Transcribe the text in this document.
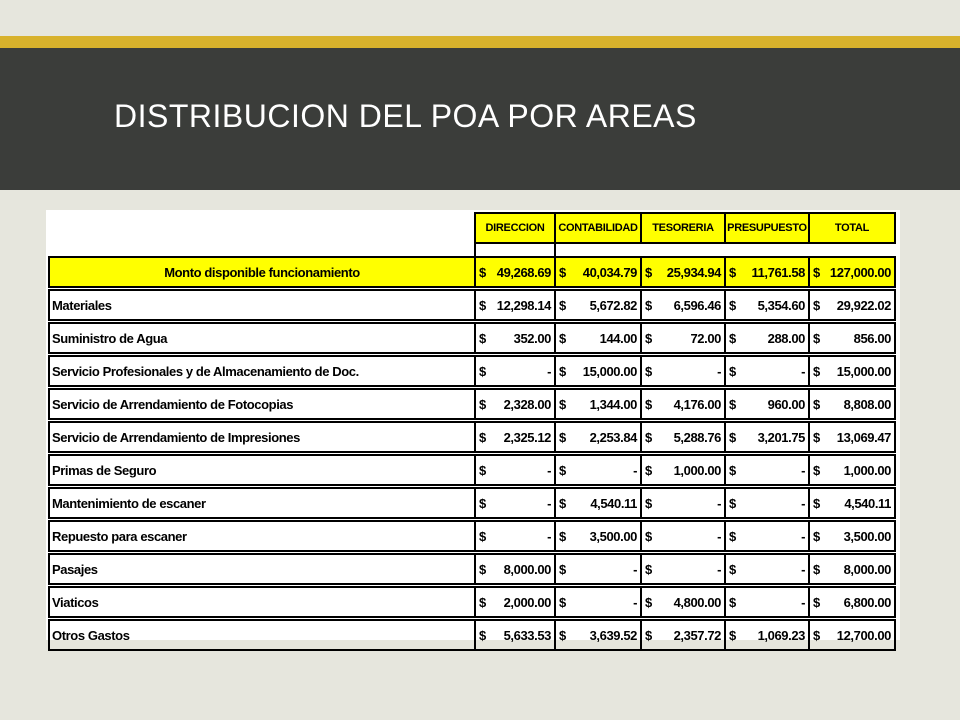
DISTRIBUCION DEL POA POR AREAS
DIRECCION	CONTABILIDAD	TESORERIA	PRESUPUESTO	TOTAL
Monto disponible funcionamiento	$	49,268.69	$	40,034.79	$	25,934.94	$	11,761.58	$	127,000.00

Materiales	$	12,298.14	$	5,672.82	$	6,596.46	$	5,354.60	$	29,922.02

Suministro de Agua	$	352.00	$	144.00	$	72.00	$	288.00	$	856.00

Servicio Profesionales y de Almacenamiento de Doc.	$	-	$	15,000.00	$	-	$	-	$	15,000.00

Servicio de Arrendamiento de Fotocopias	$	2,328.00	$	1,344.00	$	4,176.00	$	960.00	$	8,808.00

Servicio de Arrendamiento de Impresiones	$	2,325.12	$	2,253.84	$	5,288.76	$	3,201.75	$	13,069.47

Primas de Seguro	$	-	$	-	$	1,000.00	$	-	$	1,000.00

Mantenimiento de escaner	$	-	$	4,540.11	$	-	$	-	$	4,540.11

Repuesto para escaner	$	-	$	3,500.00	$	-	$	-	$	3,500.00

Pasajes	$	8,000.00	$	-	$	-	$	-	$	8,000.00

Viaticos	$	2,000.00	$	-	$	4,800.00	$	-	$	6,800.00

Otros Gastos	$	5,633.53	$	3,639.52	$	2,357.72	$	1,069.23	$	12,700.00
